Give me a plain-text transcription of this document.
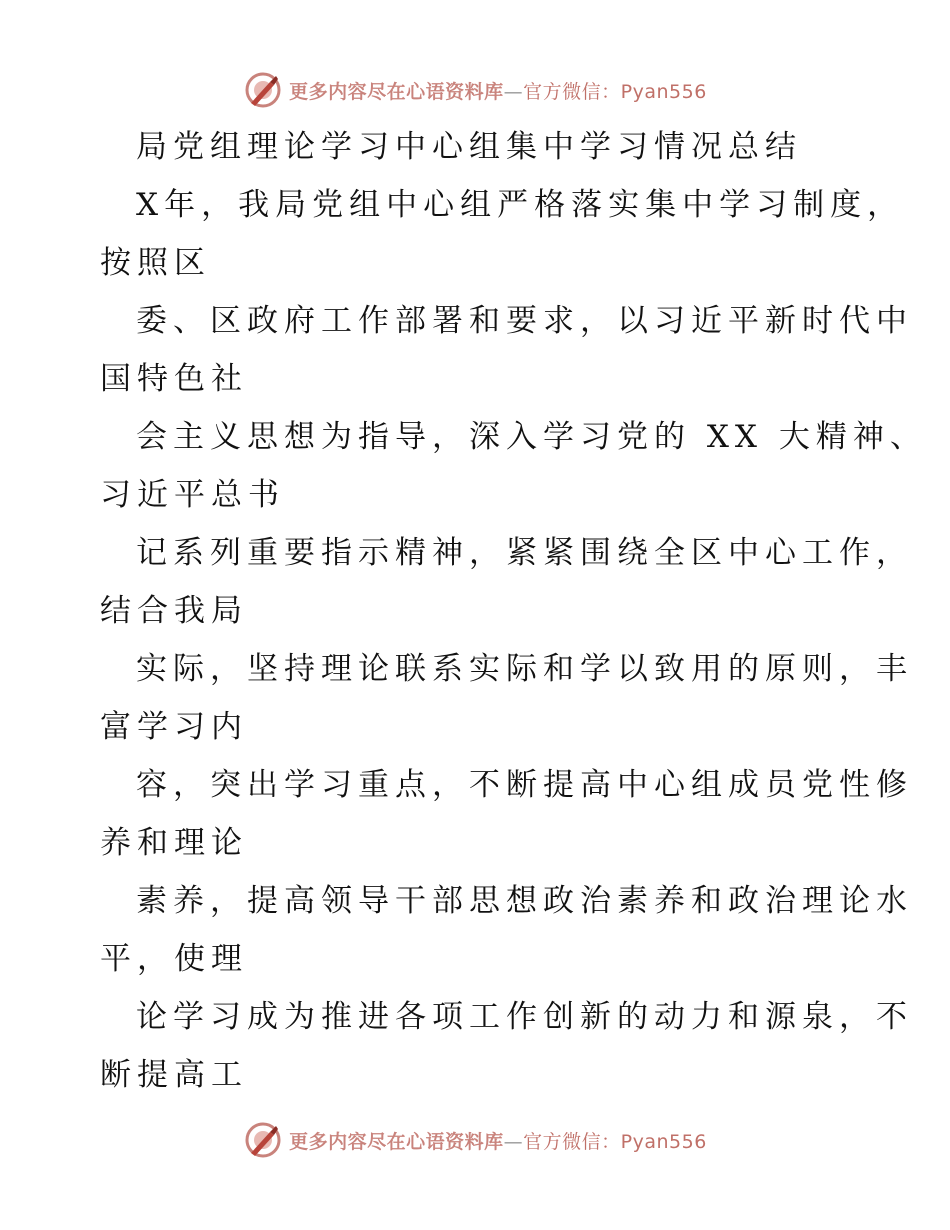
更多内容尽在心语资料库—官方微信：Pyan556
局党组理论学习中心组集中学习情况总结
X年，我局党组中心组严格落实集中学习制度，
按照区
委、区政府工作部署和要求，以习近平新时代中
国特色社
会主义思想为指导，深入学习党的 XX 大精神、
习近平总书
记系列重要指示精神，紧紧围绕全区中心工作，
结合我局
实际，坚持理论联系实际和学以致用的原则，丰
富学习内
容，突出学习重点，不断提高中心组成员党性修
养和理论
素养，提高领导干部思想政治素养和政治理论水
平，使理
论学习成为推进各项工作创新的动力和源泉，不
断提高工
更多内容尽在心语资料库—官方微信：Pyan556
